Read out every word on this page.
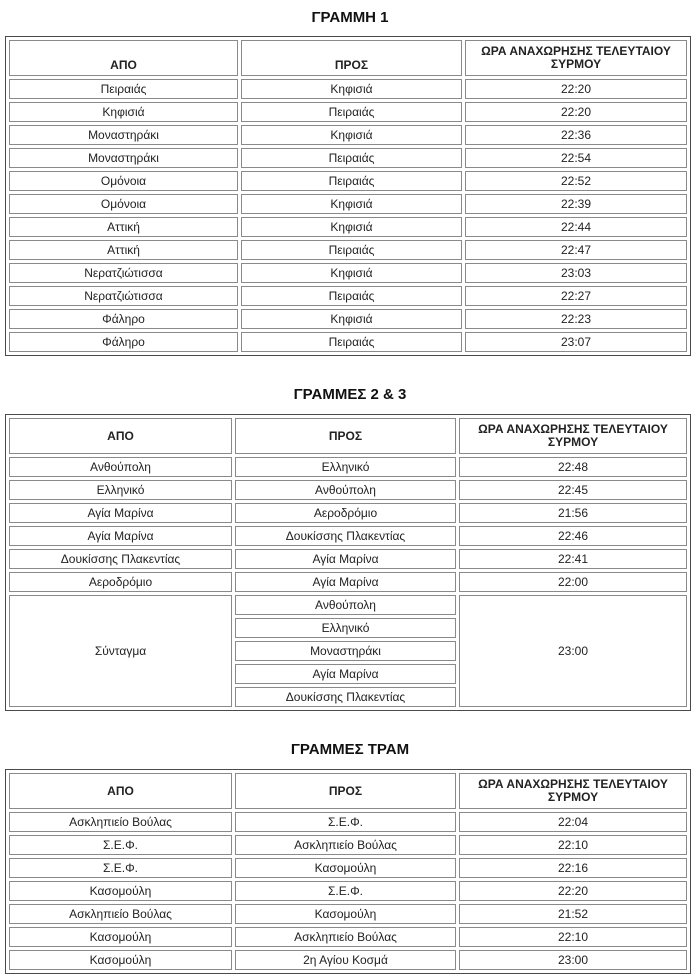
ΓΡΑΜΜΗ 1
ΑΠΟ	ΠΡΟΣ	ΩΡΑ ΑΝΑΧΩΡΗΣΗΣ ΤΕΛΕΥΤΑΙΟΥ ΣΥΡΜΟΥ
Πειραιάς	Κηφισιά	22:20
Κηφισιά	Πειραιάς	22:20
Μοναστηράκι	Κηφισιά	22:36
Μοναστηράκι	Πειραιάς	22:54
Ομόνοια	Πειραιάς	22:52
Ομόνοια	Κηφισιά	22:39
Αττική	Κηφισιά	22:44
Αττική	Πειραιάς	22:47
Νερατζιώτισσα	Κηφισιά	23:03
Νερατζιώτισσα	Πειραιάς	22:27
Φάληρο	Κηφισιά	22:23
Φάληρο	Πειραιάς	23:07
ΓΡΑΜΜΕΣ 2 & 3
ΑΠΟ	ΠΡΟΣ	ΩΡΑ ΑΝΑΧΩΡΗΣΗΣ ΤΕΛΕΥΤΑΙΟΥ ΣΥΡΜΟΥ
Ανθούπολη	Ελληνικό	22:48
Ελληνικό	Ανθούπολη	22:45
Αγία Μαρίνα	Αεροδρόμιο	21:56
Αγία Μαρίνα	Δουκίσσης Πλακεντίας	22:46
Δουκίσσης Πλακεντίας	Αγία Μαρίνα	22:41
Αεροδρόμιο	Αγία Μαρίνα	22:00
Σύνταγμα	Ανθούπολη	23:00
	Ελληνικό	
	Μοναστηράκι	
	Αγία Μαρίνα	
	Δουκίσσης Πλακεντίας	
ΓΡΑΜΜΕΣ ΤΡΑΜ
ΑΠΟ	ΠΡΟΣ	ΩΡΑ ΑΝΑΧΩΡΗΣΗΣ ΤΕΛΕΥΤΑΙΟΥ ΣΥΡΜΟΥ
Ασκληπιείο Βούλας	Σ.Ε.Φ.	22:04
Σ.Ε.Φ.	Ασκληπιείο Βούλας	22:10
Σ.Ε.Φ.	Κασομούλη	22:16
Κασομούλη	Σ.Ε.Φ.	22:20
Ασκληπιείο Βούλας	Κασομούλη	21:52
Κασομούλη	Ασκληπιείο Βούλας	22:10
Κασομούλη	2η Αγίου Κοσμά	23:00
